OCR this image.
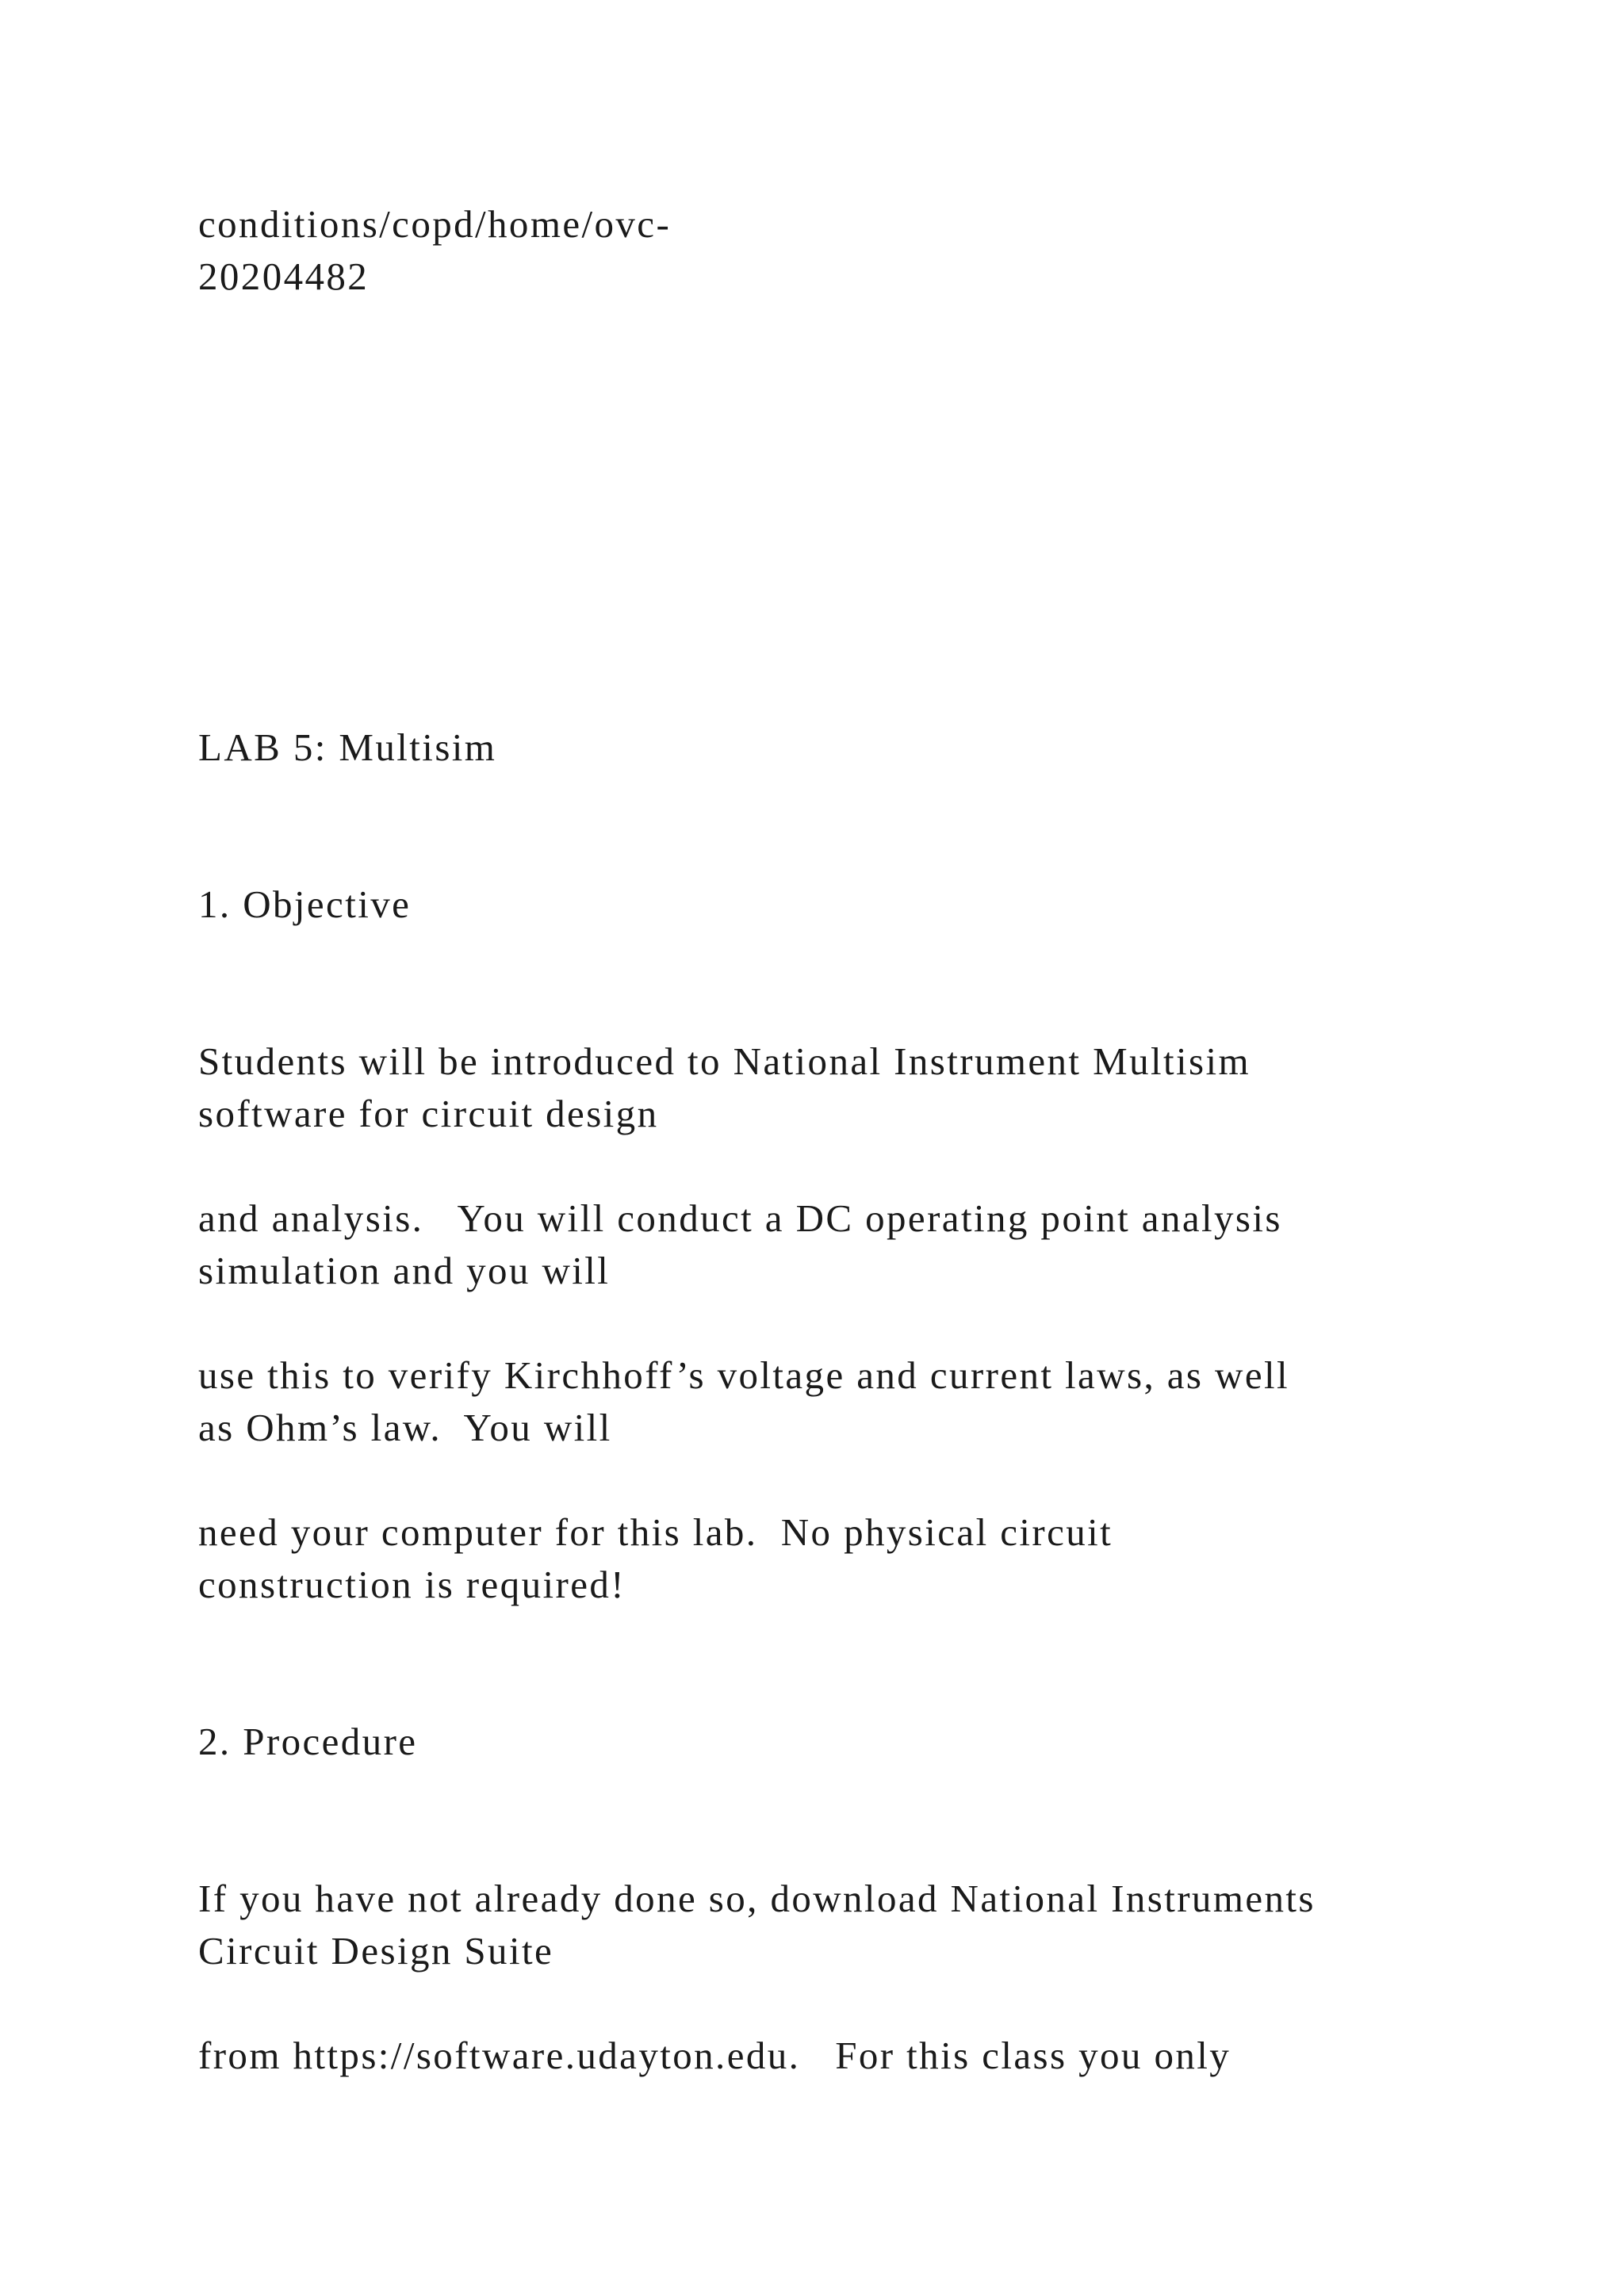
conditions/copd/home/ovc-

20204482

LAB 5: Multisim

1. Objective

Students will be introduced to National Instrument Multisim

software for circuit design

and analysis.   You will conduct a DC operating point analysis

simulation and you will

use this to verify Kirchhoff’s voltage and current laws, as well

as Ohm’s law.  You will

need your computer for this lab.  No physical circuit

construction is required!

2. Procedure

If you have not already done so, download National Instruments

Circuit Design Suite

from https://software.udayton.edu.   For this class you only
